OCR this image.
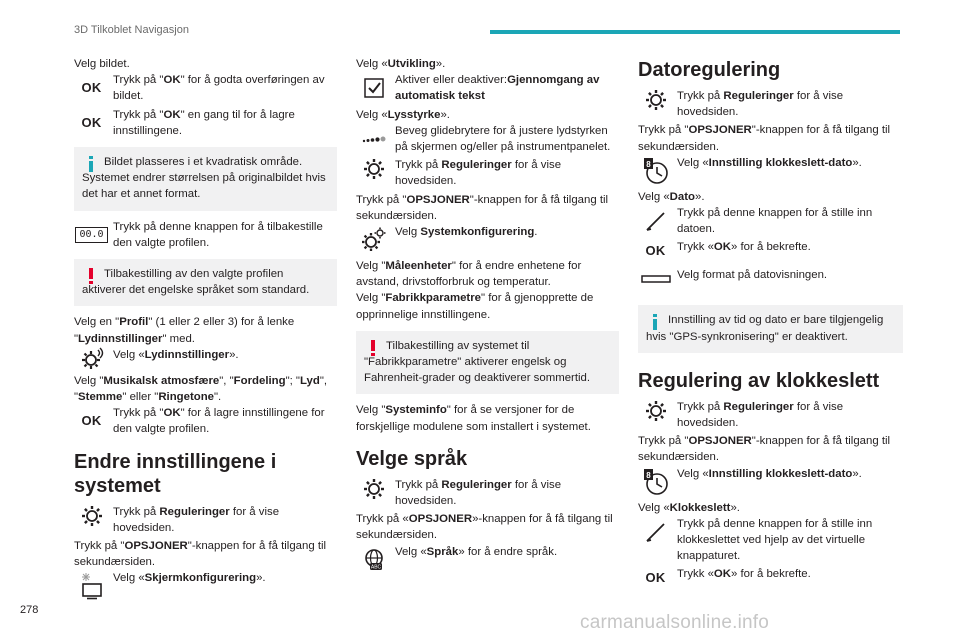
3D Tilkoblet Navigasjon
Velg bildet.
OK Trykk på "OK" for å godta overføringen av bildet.
OK Trykk på "OK" en gang til for å lagre innstillingene.
Bildet plasseres i et kvadratisk område. Systemet endrer størrelsen på originalbildet hvis det har et annet format.
00.0
Trykk på denne knappen for å tilbakestille den valgte profilen.
Tilbakestilling av den valgte profilen aktiverer det engelske språket som standard.
Velg en "Profil" (1 eller 2 eller 3) for å lenke "Lydinnstillinger" med.
Velg «Lydinnstillinger».
Velg "Musikalsk atmosfære", "Fordeling"; "Lyd", "Stemme" eller "Ringetone".
OK Trykk på "OK" for å lagre innstillingene for den valgte profilen.
Endre innstillingene i systemet
Trykk på Reguleringer for å vise hovedsiden.
Trykk på "OPSJONER"-knappen for å få tilgang til sekundærsiden.
Velg «Skjermkonfigurering».
Velg «Utvikling».
Aktiver eller deaktiver:Gjennomgang av automatisk tekst
Velg «Lysstyrke».
Beveg glidebrytere for å justere lydstyrken på skjermen og/eller på instrumentpanelet.
Trykk på Reguleringer for å vise hovedsiden.
Trykk på "OPSJONER"-knappen for å få tilgang til sekundærsiden.
Velg Systemkonfigurering.
Velg "Måleenheter" for å endre enhetene for avstand, drivstofforbruk og temperatur.
Velg "Fabrikkparametre" for å gjenopprette de opprinnelige innstillingene.
Tilbakestilling av systemet til "Fabrikkparametre" aktiverer engelsk og Fahrenheit-grader og deaktiverer sommertid.
Velg "Systeminfo" for å se versjoner for de forskjellige modulene som installert i systemet.
Velge språk
Trykk på Reguleringer for å vise hovedsiden.
Trykk på «OPSJONER»-knappen for å få tilgang til sekundærsiden.
ABC
Velg «Språk» for å endre språk.
Datoregulering
Trykk på Reguleringer for å vise hovedsiden.
Trykk på "OPSJONER"-knappen for å få tilgang til sekundærsiden.
8 Velg «Innstilling klokkeslett-dato».
Velg «Dato».
Trykk på denne knappen for å stille inn datoen.
OK Trykk «OK» for å bekrefte.
Velg format på datovisningen.
Innstilling av tid og dato er bare tilgjengelig hvis "GPS-synkronisering" er deaktivert.
Regulering av klokkeslett
Trykk på Reguleringer for å vise hovedsiden.
Trykk på "OPSJONER"-knappen for å få tilgang til sekundærsiden.
8 Velg «Innstilling klokkeslett-dato».
Velg «Klokkeslett».
Trykk på denne knappen for å stille inn klokkeslettet ved hjelp av det virtuelle knappaturet.
OK Trykk «OK» for å bekrefte.
278
carmanualsonline.info
